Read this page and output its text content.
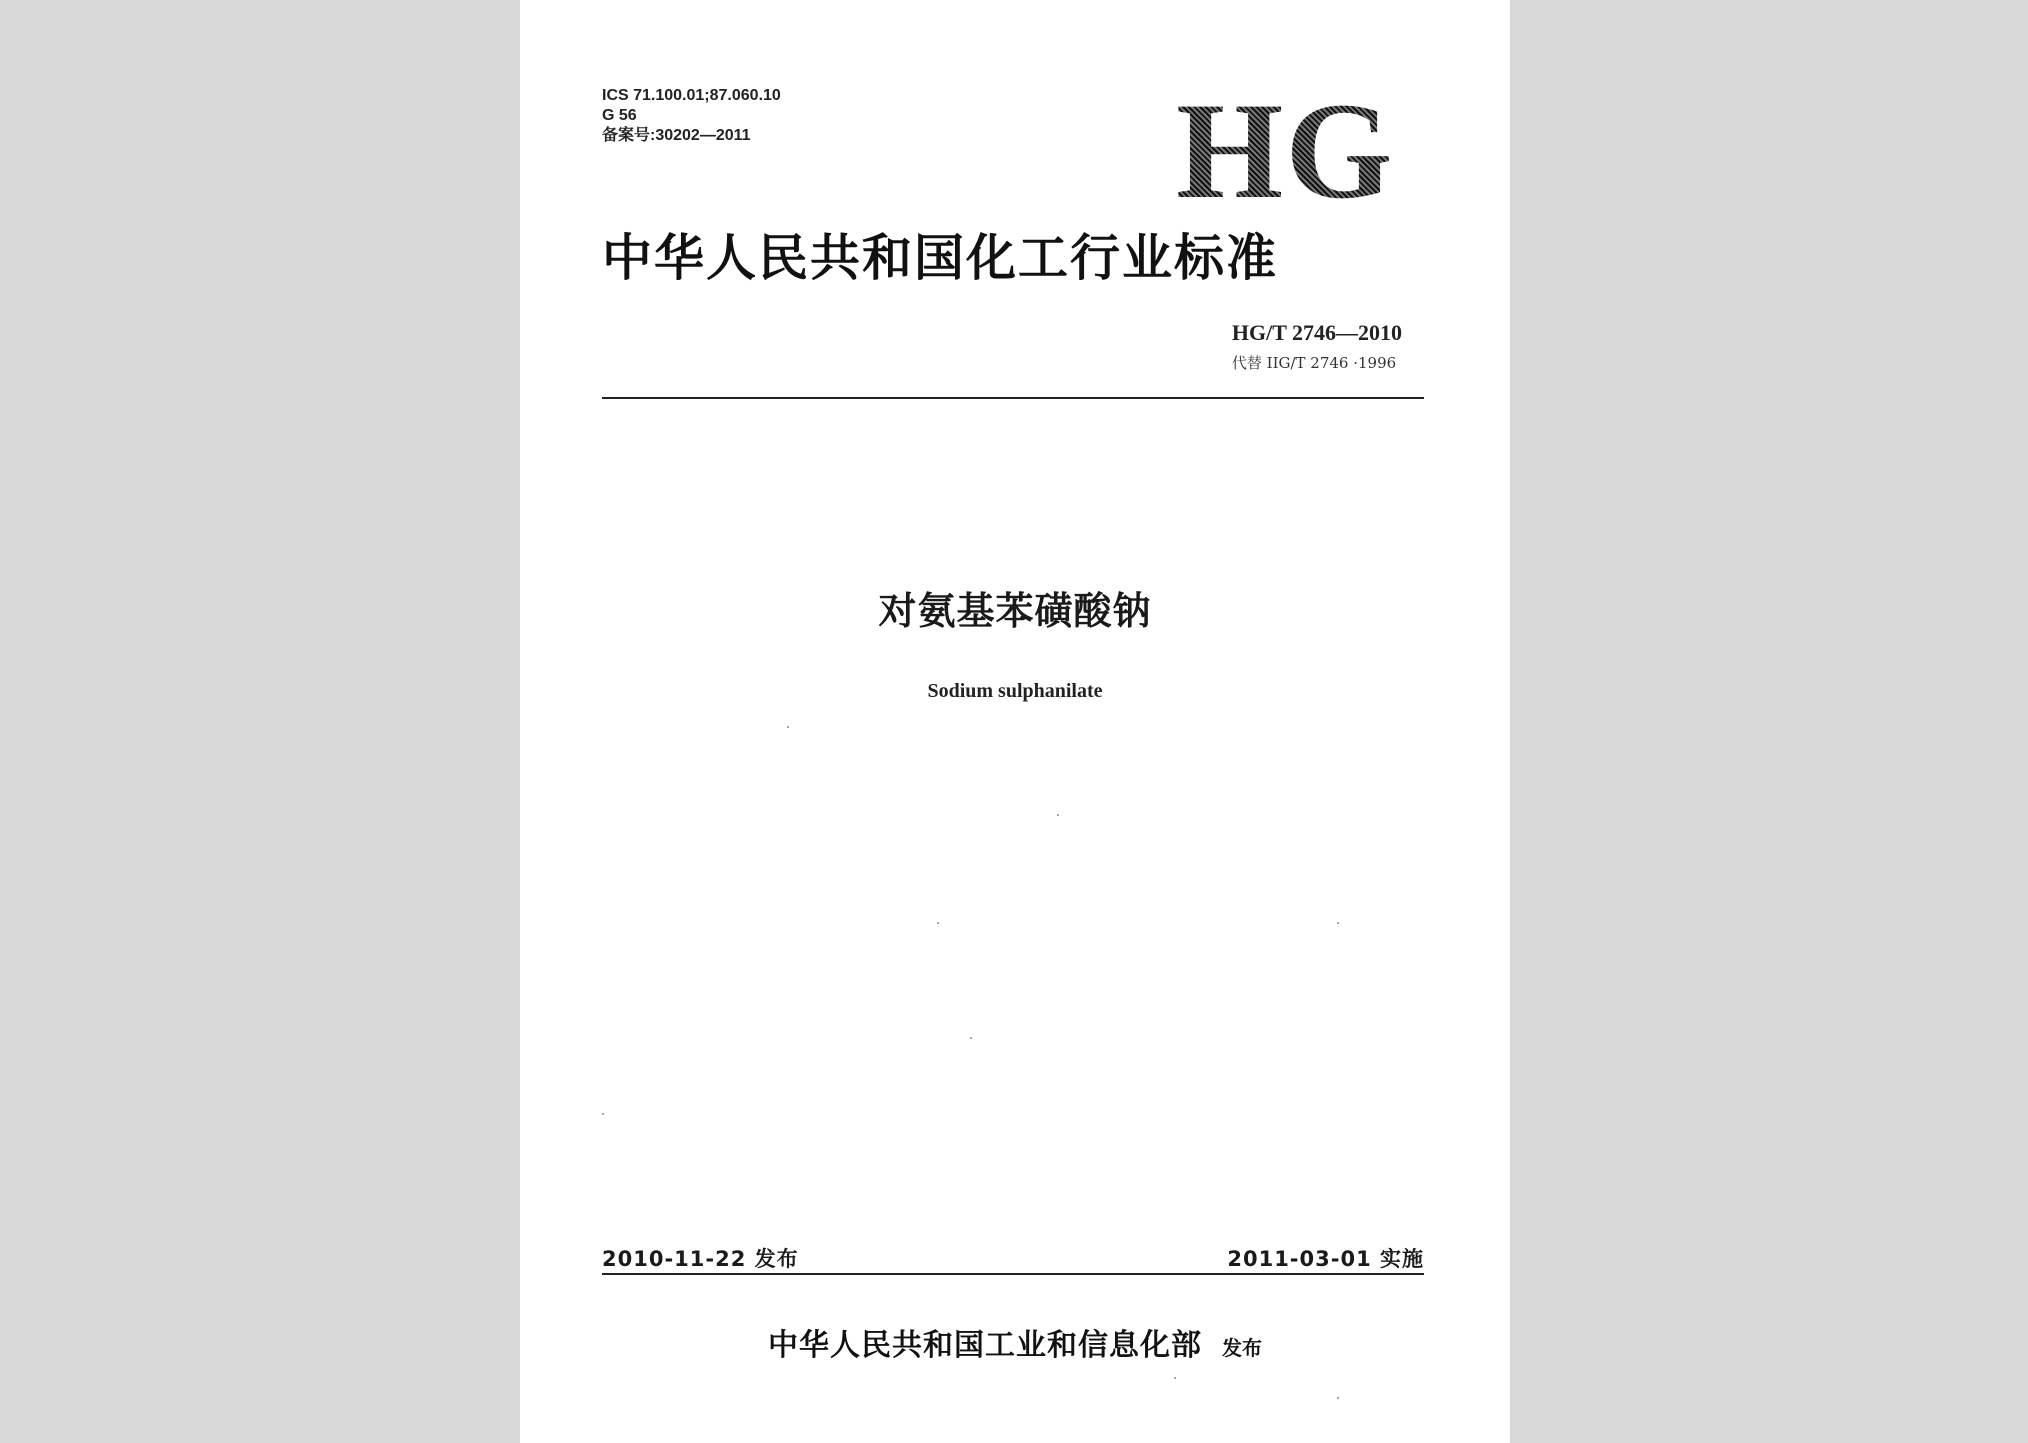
ICS 71.100.01;87.060.10
G 56
备案号:30202—2011	HG
中华人民共和国化工行业标准
HG/T 2746—2010
代替 IIG/T 2746 ·1996
对氨基苯磺酸钠
Sodium sulphanilate
2010-11-22 发布	2011-03-01 实施
中华人民共和国工业和信息化部 发布
